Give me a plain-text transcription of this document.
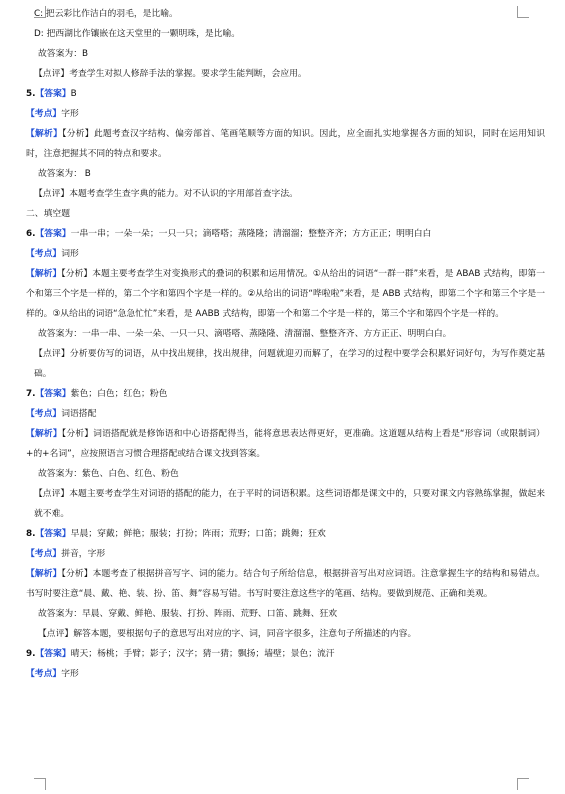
C: 把云彩比作洁白的羽毛，是比喻。
D: 把西湖比作镶嵌在这天堂里的一颗明珠，是比喻。
故答案为：B
【点评】考查学生对拟人修辞手法的掌握。要求学生能判断，会应用。
5.【答案】B
【考点】字形
【解析】【分析】此题考查汉字结构、偏旁部首、笔画笔顺等方面的知识。因此，应全面扎实地掌握各方面的知识，同时在运用知识时，注意把握其不同的特点和要求。
故答案为： B
【点评】本题考查学生查字典的能力。对不认识的字用部首查字法。
二、填空题
6.【答案】一串一串；一朵一朵；一只一只；滴嗒嗒；蒸隆隆；清溜溜；整整齐齐；方方正正；明明白白
【考点】词形
【解析】【分析】本题主要考查学生对变换形式的叠词的积累和运用情况。①从给出的词语“一群一群”来看，是 ABAB 式结构，即第一个和第三个字是一样的，第二个字和第四个字是一样的。②从给出的词语“哗啦啦”来看，是 ABB 式结构，即第二个字和第三个字是一样的。③从给出的词语“急急忙忙”来看，是 AABB 式结构，即第一个和第二个字是一样的，第三个字和第四个字是一样的。
故答案为：一串一串、一朵一朵、一只一只、滴嗒嗒、蒸隆隆、清溜溜、整整齐齐、方方正正、明明白白。
【点评】分析要仿写的词语，从中找出规律，找出规律，问题就迎刃而解了，在学习的过程中要学会积累好词好句，为写作奠定基础。
7.【答案】紫色；白色；红色；粉色
【考点】词语搭配
【解析】【分析】词语搭配就是修饰语和中心语搭配得当，能将意思表达得更好，更准确。这道题从结构上看是“形容词（或限制词）+的+名词”，应按照语言习惯合理搭配或结合课文找到答案。
故答案为：紫色、白色、红色、粉色
【点评】本题主要考查学生对词语的搭配的能力，在于平时的词语积累。这些词语都是课文中的，只要对课文内容熟练掌握，做起来就不难。
8.【答案】早晨；穿戴；鲜艳；服装；打扮；阵雨；荒野；口笛；跳舞；狂欢
【考点】拼音，字形
【解析】【分析】本题考查了根据拼音写字、词的能力。结合句子所给信息，根据拼音写出对应词语。注意掌握生字的结构和易错点。书写时要注意“晨、戴、艳、装、扮、笛、舞”容易写错。书写时要注意这些字的笔画、结构。要做到规范、正确和美观。
故答案为：早晨、穿戴、鲜艳、服装、打扮、阵雨、荒野、口笛、跳舞、狂欢
【点评】解答本题，要根据句子的意思写出对应的字、词，同音字很多，注意句子所描述的内容。
9.【答案】晴天；杨桃；手臂；影子；汉字；猜一猜；飘扬；墙壁；景色；流汗
【考点】字形
